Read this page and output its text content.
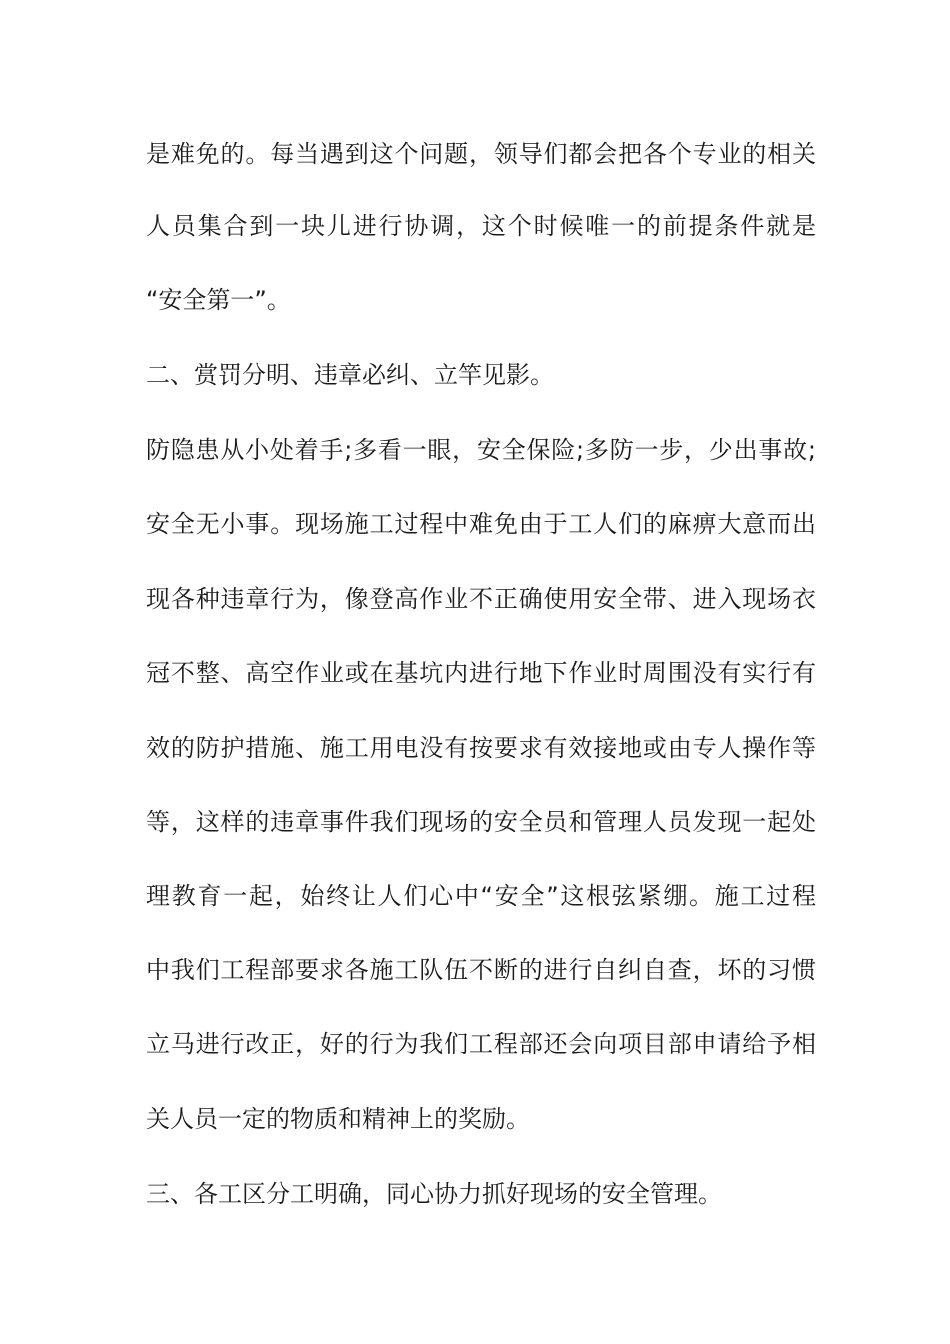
是难免的。每当遇到这个问题，领导们都会把各个专业的相关
人员集合到一块儿进行协调，这个时候唯一的前提条件就是
“安全第一”。
二、赏罚分明、违章必纠、立竿见影。
防隐患从小处着手;多看一眼，安全保险;多防一步，少出事故;
安全无小事。现场施工过程中难免由于工人们的麻痹大意而出
现各种违章行为，像登高作业不正确使用安全带、进入现场衣
冠不整、高空作业或在基坑内进行地下作业时周围没有实行有
效的防护措施、施工用电没有按要求有效接地或由专人操作等
等，这样的违章事件我们现场的安全员和管理人员发现一起处
理教育一起，始终让人们心中“安全”这根弦紧绷。施工过程
中我们工程部要求各施工队伍不断的进行自纠自查，坏的习惯
立马进行改正，好的行为我们工程部还会向项目部申请给予相
关人员一定的物质和精神上的奖励。
三、各工区分工明确，同心协力抓好现场的安全管理。
